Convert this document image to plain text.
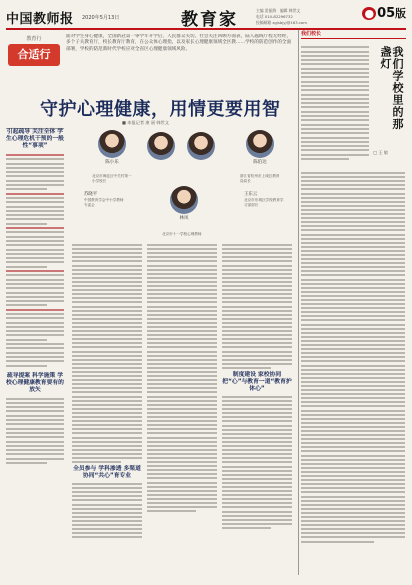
中国教师报 2020年5月13日	教育家	主编 雷振海　编辑 韩世文
电话 010-82296732
投稿邮箱 zgjsbjyj@163.com
● 05版
教育行
合适行
面对学生身心健康，全国新冠第一零学年开学后，人民群众关切。社会关注回顾方面表，陆人越线厅程无经经，多个子关教育厅，校长教育厅教育，在公众体心理指，以及家长心理健康领域全区教……学校的防范创作的全面部署，学校的防范新时代学校应对全省区心理健康领域风险。
守护心理健康，用情更要用智
■ 本报记者 康 丽 韩世文
引起疏导 关注全体 学生心理危机干预的一般性“事项”
疏导提案 科学施策 学校心理健康教育要有的放矢
陈小乐
北京市海淀区中关村第一小学校长
陈伯达
浙江省杭州市上城区教育局局长
苏晓平
中国教育学会中小学教师专委会
王东云
北京市东城区学校教育学习部部长
林凤
北京市十一学校心理教师
全员参与 学科渗透 多渠道协同“共心”育专业
制度建设 家校协同 把“心”与教育一道“教育护体心”
我们校长
我们学校里的那盏灯
□ 王 敏
